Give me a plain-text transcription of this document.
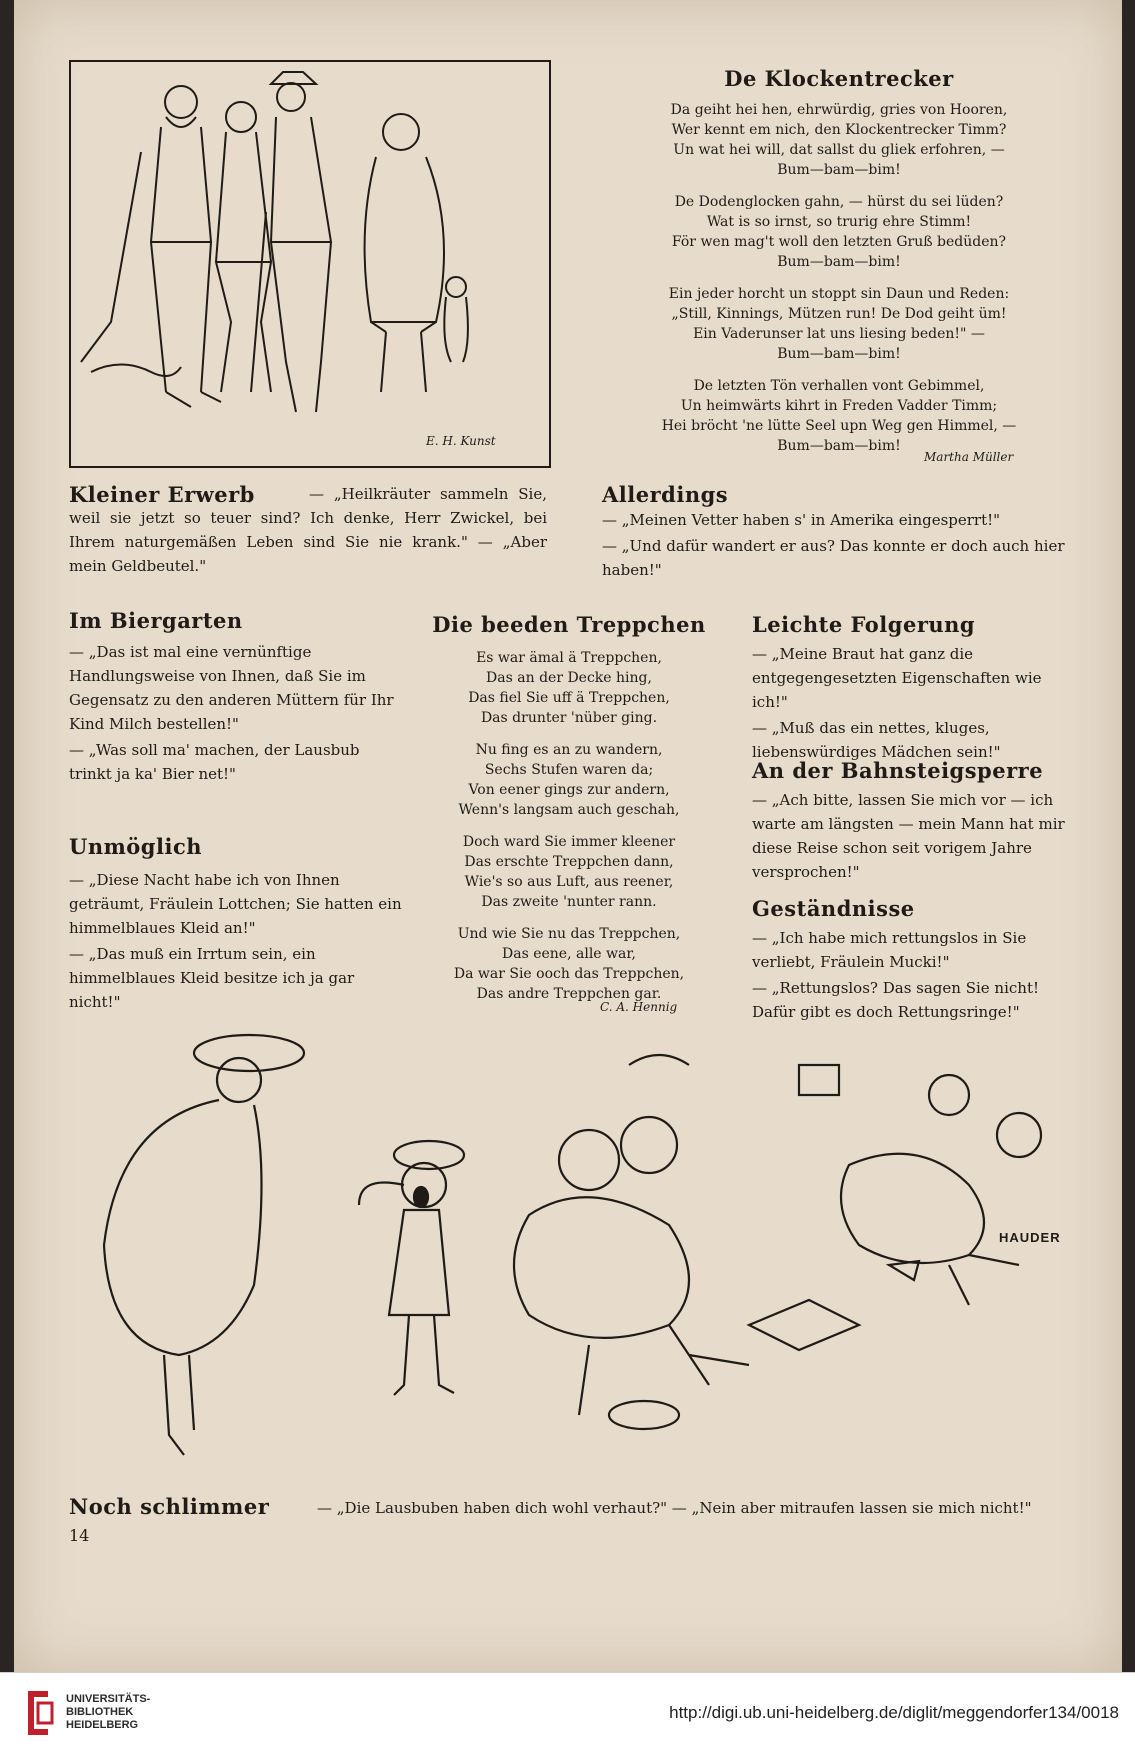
E. H. Kunst
De Klockentrecker
Da geiht hei hen, ehrwürdig, gries von Hooren,
Wer kennt em nich, den Klockentrecker Timm?
Un wat hei will, dat sallst du gliek erfohren, —
Bum—bam—bim!
De Dodenglocken gahn, — hürst du sei lüden?
Wat is so irnst, so trurig ehre Stimm!
För wen mag't woll den letzten Gruß bedüden?
Bum—bam—bim!
Ein jeder horcht un stoppt sin Daun und Reden:
„Still, Kinnings, Mützen run! De Dod geiht üm!
Ein Vaderunser lat uns liesing beden!" —
Bum—bam—bim!
De letzten Tön verhallen vont Gebimmel,
Un heimwärts kihrt in Freden Vadder Timm;
Hei bröcht 'ne lütte Seel upn Weg gen Himmel, —
Bum—bam—bim!
Martha Müller
Kleiner Erwerb	— „Heilkräuter sammeln Sie, weil sie jetzt so teuer sind? Ich denke, Herr Zwickel, bei Ihrem naturgemäßen Leben sind Sie nie krank." — „Aber mein Geldbeutel."
Allerdings

— „Meinen Vetter haben s' in Amerika eingesperrt!"

— „Und dafür wandert er aus? Das konnte er doch auch hier haben!"

Im Biergarten

— „Das ist mal eine vernünftige Handlungsweise von Ihnen, daß Sie im Gegensatz zu den anderen Müttern für Ihr Kind Milch bestellen!"

— „Was soll ma' machen, der Lausbub trinkt ja ka' Bier net!"

Unmöglich

— „Diese Nacht habe ich von Ihnen geträumt, Fräulein Lottchen; Sie hatten ein himmelblaues Kleid an!"

— „Das muß ein Irrtum sein, ein himmelblaues Kleid besitze ich ja gar nicht!"

Die beeden Treppchen
Es war ämal ä Treppchen,
Das an der Decke hing,
Das fiel Sie uff ä Treppchen,
Das drunter 'nüber ging.
Nu fing es an zu wandern,
Sechs Stufen waren da;
Von eener gings zur andern,
Wenn's langsam auch geschah,
Doch ward Sie immer kleener
Das erschte Treppchen dann,
Wie's so aus Luft, aus reener,
Das zweite 'nunter rann.
Und wie Sie nu das Treppchen,
Das eene, alle war,
Da war Sie ooch das Treppchen,
Das andre Treppchen gar.
C. A. Hennig
Leichte Folgerung

— „Meine Braut hat ganz die entgegengesetzten Eigenschaften wie ich!"

— „Muß das ein nettes, kluges, liebenswürdiges Mädchen sein!"

An der Bahnsteigsperre
— „Ach bitte, lassen Sie mich vor — ich warte am längsten — mein Mann hat mir diese Reise schon seit vorigem Jahre versprochen!"
Geständnisse

— „Ich habe mich rettungslos in Sie verliebt, Fräulein Mucki!"

— „Rettungslos? Das sagen Sie nicht! Dafür gibt es doch Rettungsringe!"

HAUDER
Noch schlimmer	— „Die Lausbuben haben dich wohl verhaut?" — „Nein aber mitraufen lassen sie mich nicht!"
14
UNIVERSITÄTS-
BIBLIOTHEK
HEIDELBERG
http://digi.ub.uni-heidelberg.de/diglit/meggendorfer134/0018
